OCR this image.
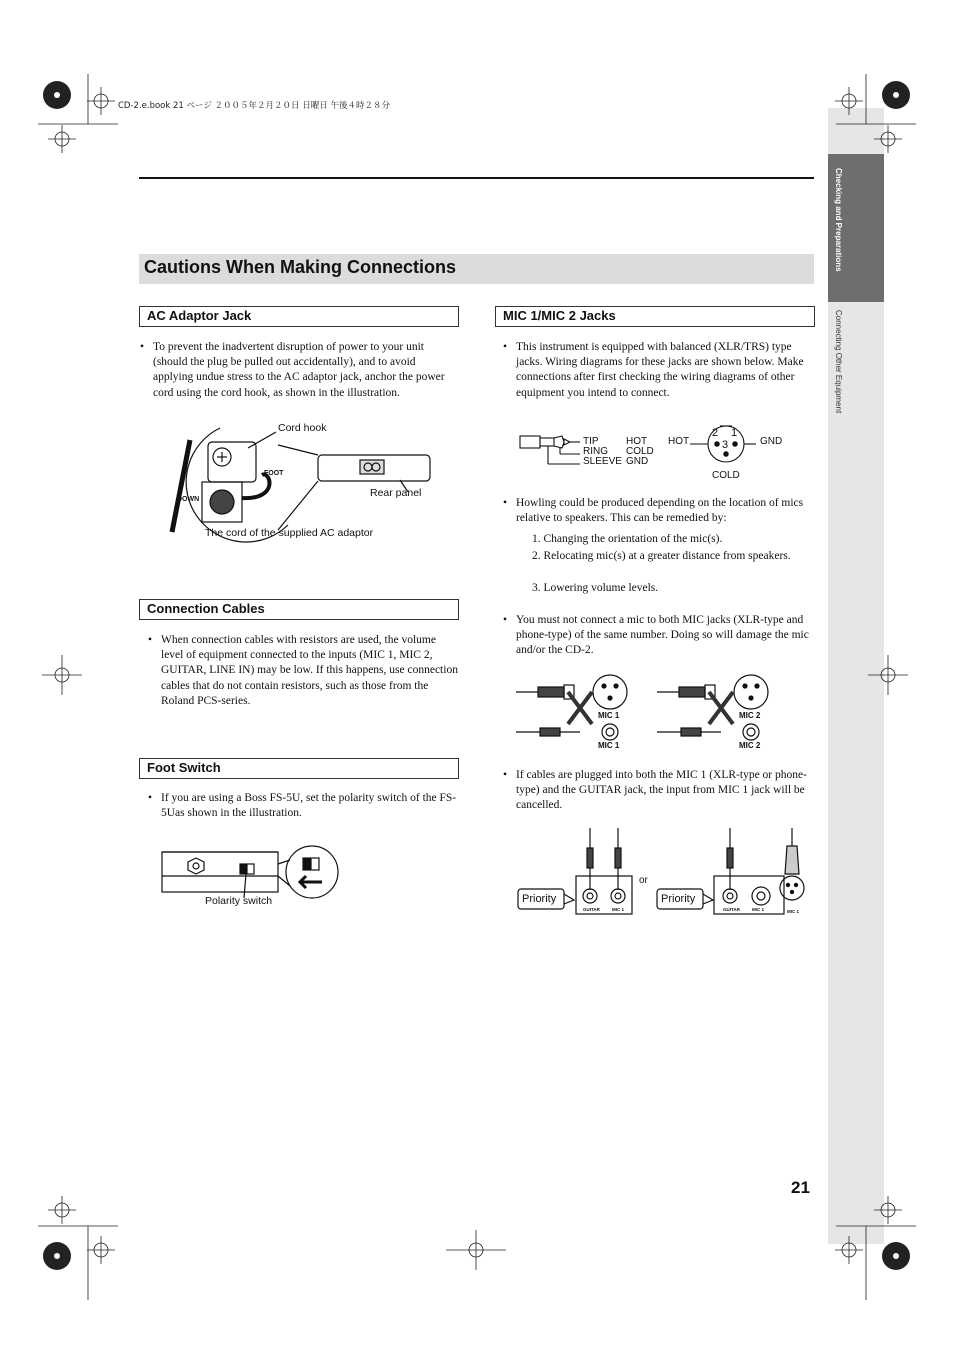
Checking and Preparations
Connecting Other Equipment
CD-2.e.book 21 ページ ２００５年２月２０日 日曜日 午後４時２８分
Cautions When Making Connections
AC Adaptor Jack
• To prevent the inadvertent disruption of power to your unit (should the plug be pulled out accidentally), and to avoid applying undue stress to the AC adaptor jack, anchor the power cord using the cord hook, as shown in the illustration.
Cord hook
Rear panel
The cord of the supplied AC adaptor
FOOT
DOWN
Connection Cables
• When connection cables with resistors are used, the volume level of equipment connected to the inputs (MIC 1, MIC 2, GUITAR, LINE IN) may be low. If this happens, use connection cables that do not contain resistors, such as those from the Roland PCS-series.
Foot Switch
• If you are using a Boss FS-5U, set the polarity switch of the FS-5Uas shown in the illustration.
Polarity switch
MIC 1/MIC 2 Jacks
• This instrument is equipped with balanced (XLR/TRS) type jacks. Wiring diagrams for these jacks are shown below. Make connections after first checking the wiring diagrams of other equipment you intend to connect.
TIP
RING
SLEEVE
HOT
COLD
GND
HOT	GND
COLD
2 1
3
• Howling could be produced depending on the location of mics relative to speakers. This can be remedied by:
1. Changing the orientation of the mic(s).
2. Relocating mic(s) at a greater distance from speakers.
3. Lowering volume levels.
• You must not connect a mic to both MIC jacks (XLR-type and phone-type) of the same number. Doing so will damage the mic and/or the CD-2.
MIC 1
MIC 1
MIC 2
MIC 2
• If cables are plugged into both the MIC 1 (XLR-type or phone-type) and the GUITAR jack, the input from MIC 1 jack will be cancelled.
Priority	Priority
or
GUITAR	MIC 1	GUITAR	MIC 1	MIC 1
21
